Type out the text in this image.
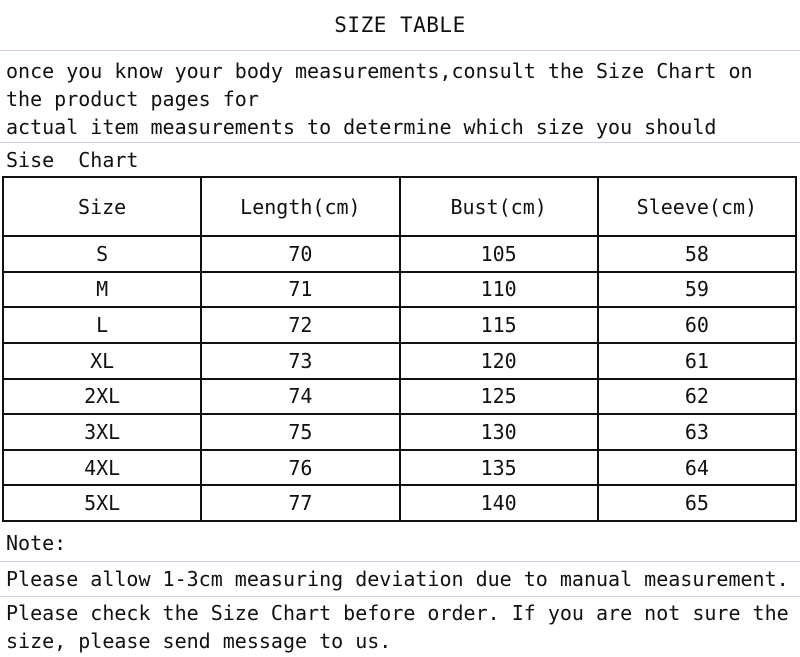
SIZE TABLE
once you know your body measurements,consult the Size Chart on
the product pages for
actual item measurements to determine which size you should
Sise  Chart
Size	Length(cm)	Bust(cm)	Sleeve(cm)
S	70	105	58
M	71	110	59
L	72	115	60
XL	73	120	61
2XL	74	125	62
3XL	75	130	63
4XL	76	135	64
5XL	77	140	65
Note:
Please allow 1-3cm measuring deviation due to manual measurement.
Please check the Size Chart before order. If you are not sure the
size, please send message to us.
